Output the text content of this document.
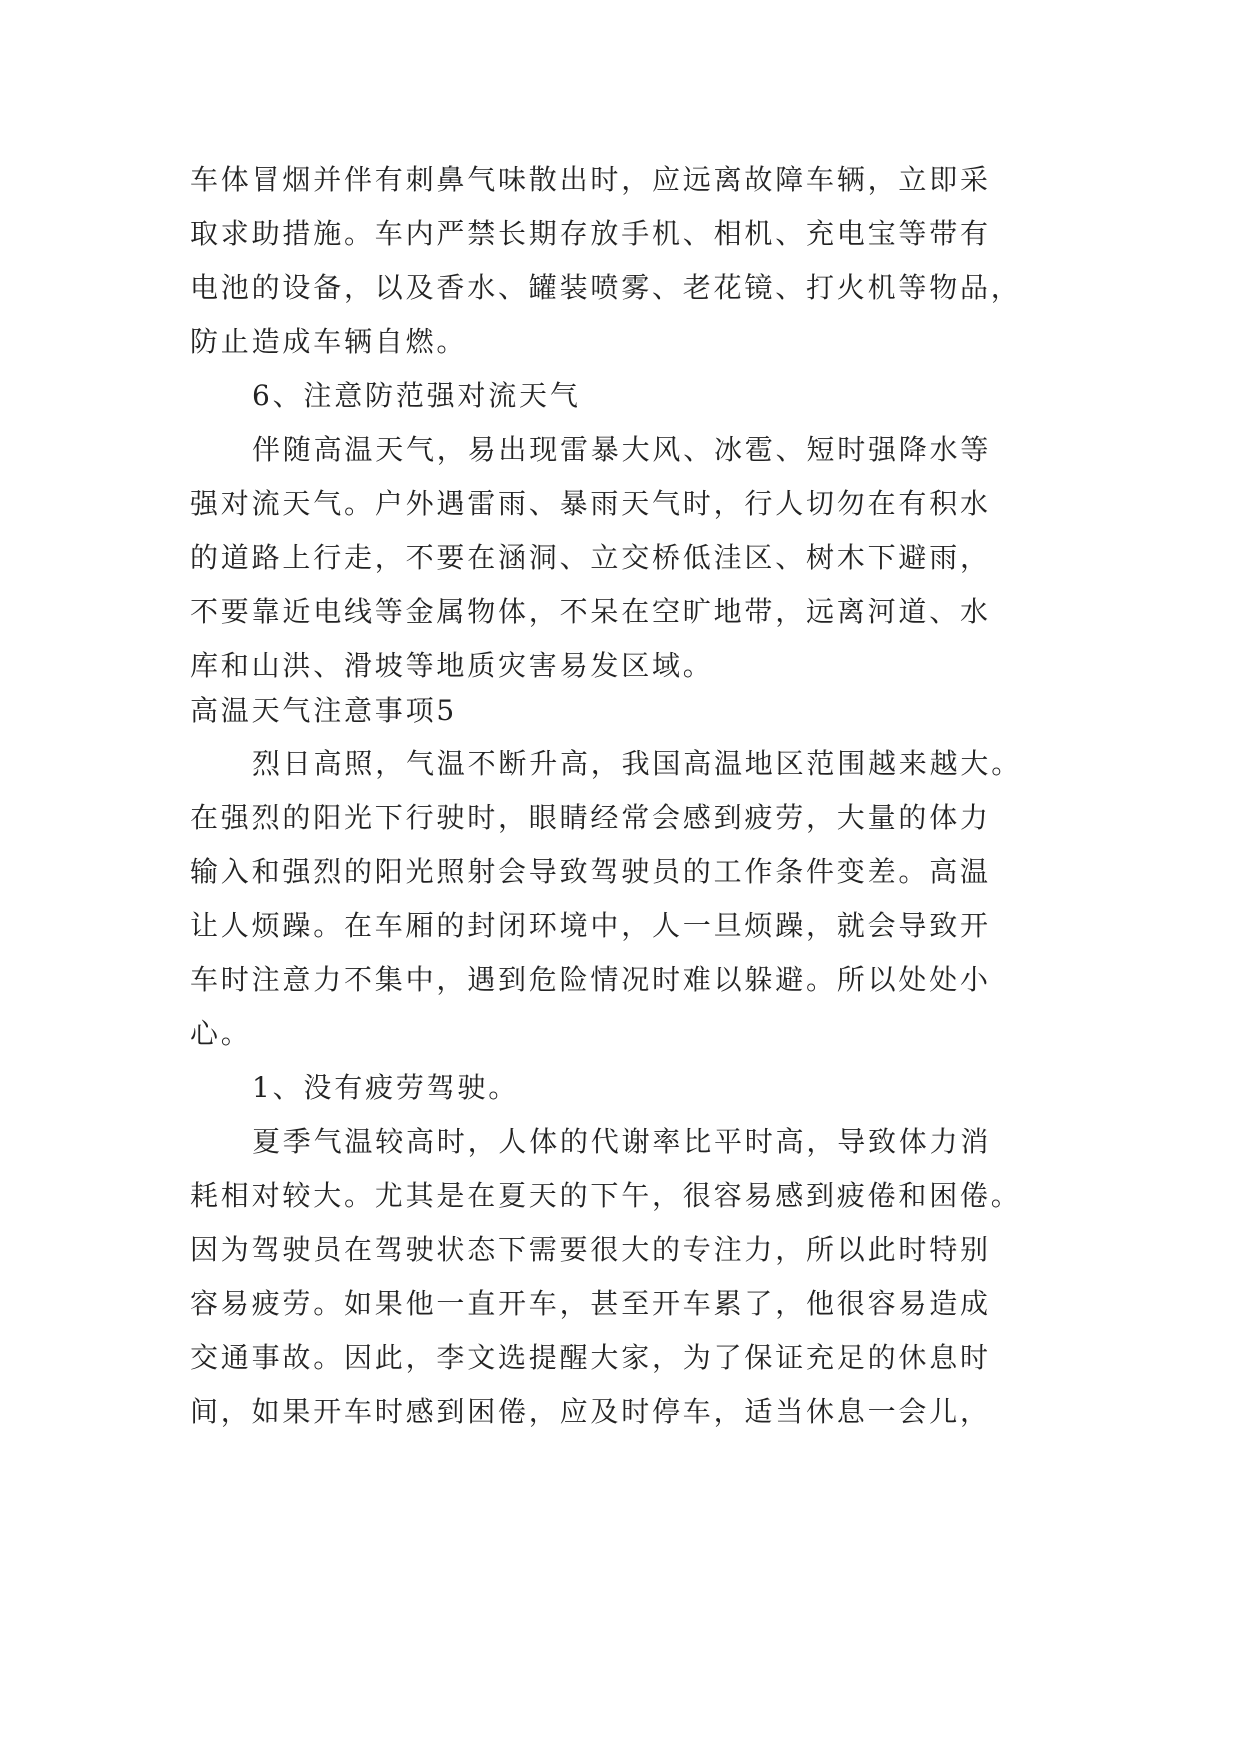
车体冒烟并伴有刺鼻气味散出时，应远离故障车辆，立即采
取求助措施。车内严禁长期存放手机、相机、充电宝等带有
电池的设备，以及香水、罐装喷雾、老花镜、打火机等物品，
防止造成车辆自燃。
6、注意防范强对流天气
伴随高温天气，易出现雷暴大风、冰雹、短时强降水等
强对流天气。户外遇雷雨、暴雨天气时，行人切勿在有积水
的道路上行走，不要在涵洞、立交桥低洼区、树木下避雨，
不要靠近电线等金属物体，不呆在空旷地带，远离河道、水
库和山洪、滑坡等地质灾害易发区域。
高温天气注意事项5
烈日高照，气温不断升高，我国高温地区范围越来越大。
在强烈的阳光下行驶时，眼睛经常会感到疲劳，大量的体力
输入和强烈的阳光照射会导致驾驶员的工作条件变差。高温
让人烦躁。在车厢的封闭环境中，人一旦烦躁，就会导致开
车时注意力不集中，遇到危险情况时难以躲避。所以处处小
心。
1、没有疲劳驾驶。
夏季气温较高时，人体的代谢率比平时高，导致体力消
耗相对较大。尤其是在夏天的下午，很容易感到疲倦和困倦。
因为驾驶员在驾驶状态下需要很大的专注力，所以此时特别
容易疲劳。如果他一直开车，甚至开车累了，他很容易造成
交通事故。因此，李文选提醒大家，为了保证充足的休息时
间，如果开车时感到困倦，应及时停车，适当休息一会儿，
